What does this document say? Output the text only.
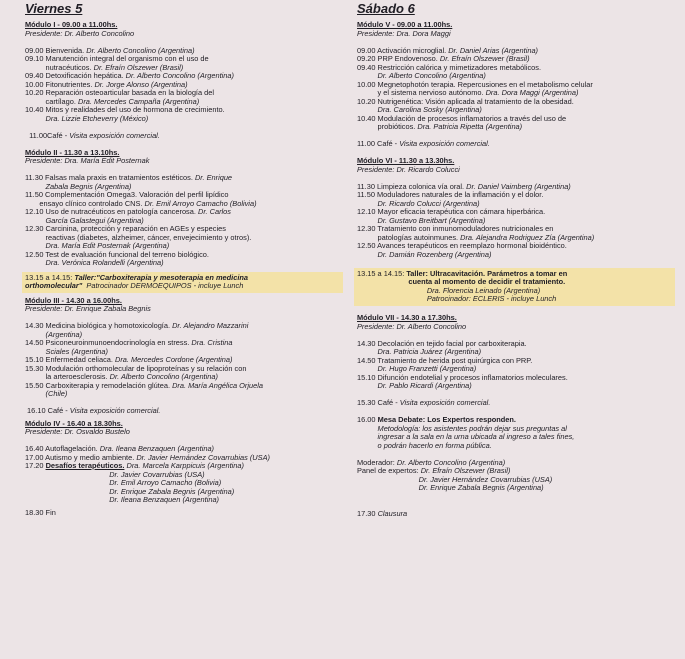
Viernes 5
Módulo I - 09.00 a 11.00hs.
Presidente: Dr. Alberto Concolino
09.00 Bienvenida. Dr. Alberto Concolino (Argentina)
09.10 Manutención integral del organismo con el uso de
nutracéuticos. Dr. Efraín Olszewer (Brasil)
09.40 Detoxificación hepática. Dr. Alberto Concolino (Argentina)
10.00 Fitonutrientes. Dr. Jorge Alonso (Argentina)
10.20 Reparación osteoarticular basada en la biología del
cartílago. Dra. Mercedes Campaña (Argentina)
10.40 Mitos y realidades del uso de hormona de crecimiento.
Dra. Lizzie Etcheverry (México)
11.00Café - Visita exposición comercial.
Módulo II - 11.30 a 13.10hs.
Presidente: Dra. María Edit Posternak
11.30 Falsas mala praxis en tratamientos estéticos. Dr. Enrique
Zabala Begnis (Argentina)
11.50 Complementación Omega3. Valoración del perfil lipídico
ensayo clínico controlado CNS. Dr. Emil Arroyo Camacho (Bolivia)
12.10 Uso de nutracéuticos en patología cancerosa. Dr. Carlos
García Galastegui (Argentina)
12.30 Carcinina, protección y reparación en AGEs y especies
reactivas (diabetes, alzheimer, cáncer, envejecimiento y otros).
Dra. María Edit Posternak (Argentina)
12.50 Test de evaluación funcional del terreno biológico.
Dra. Verónica Rolandelli (Argentina)
13.15 a 14.15: Taller:"Carboxiterapia y mesoterapia en medicina
orthomolecular"  Patrocinador DERMOEQUIPOS - incluye Lunch
Módulo III - 14.30 a 16.00hs.
Presidente: Dr. Enrique Zabala Begnis
14.30 Medicina biológica y homotoxicología. Dr. Alejandro Mazzarini
(Argentina)
14.50 Psiconeuroinmunoendocrinología en stress. Dra. Cristina
Sciales (Argentina)
15.10 Enfermedad celiaca. Dra. Mercedes Cordone (Argentina)
15.30 Modulación orthomolecular de lipoproteínas y su relación con
la arteroesclerosis. Dr. Alberto Concolino (Argentina)
15.50 Carboxiterapia y remodelación glútea. Dra. María Angélica Orjuela
(Chile)
16.10 Café - Visita exposición comercial.
Módulo IV - 16.40 a 18.30hs.
Presidente: Dr. Osvaldo Bustelo
16.40 Autoflagelación. Dra. Ileana Benzaquen (Argentina)
17.00 Autismo y medio ambiente. Dr. Javier Hernández Covarrubias (USA)
17.20 Desafíos terapéuticos. Dra. Marcela Karppicuis (Argentina)
Dr. Javier Covarrubias (USA)
Dr. Emil Arroyo Camacho (Bolivia)
Dr. Enrique Zabala Begnis (Argentina)
Dr. Ileana Benzaquen (Argentina)
18.30 Fin
Sábado 6
Módulo V - 09.00 a 11.00hs.
Presidente: Dra. Dora Maggi
09.00 Activación microglial. Dr. Daniel Arias (Argentina)
09.20 PRP Endovenoso. Dr. Efraín Olszewer (Brasil)
09.40 Restricción calórica y mimetizadores metabólicos.
Dr. Alberto Concolino (Argentina)
10.00 Megnetophotón terapia. Repercusiones en el metabolismo celular
y el sistema nervioso autónomo. Dra. Dora Maggi (Argentina)
10.20 Nutrigenética: Visión aplicada al tratamiento de la obesidad.
Dra. Carolina Sosky (Argentina)
10.40 Modulación de procesos inflamatorios a través del uso de
probióticos. Dra. Patricia Ripetta (Argentina)
11.00 Café - Visita exposición comercial.
Módulo VI - 11.30 a 13.30hs.
Presidente: Dr. Ricardo Colucci
11.30 Limpieza colonica vía oral. Dr. Daniel Vaimberg (Argentina)
11.50 Moduladores naturales de la inflamación y el dolor.
Dr. Ricardo Colucci (Argentina)
12.10 Mayor eficacia terapéutica con cámara hiperbárica.
Dr. Gustavo Breitbart (Argentina)
12.30 Tratamiento con inmunomoduladores nutricionales en
patologías autoinmunes. Dra. Alejandra Rodriguez Zía (Argentina)
12.50 Avances terapéuticos en reemplazo hormonal bioidéntico.
Dr. Damián Rozenberg (Argentina)
13.15 a 14.15: Taller: Ultracavitación. Parámetros a tomar en
cuenta al momento de decidir el tratamiento.
Dra. Florencia Leinado (Argentina)
Patrocinador: ECLERIS - incluye Lunch
Módulo VII - 14.30 a 17.30hs.
Presidente: Dr. Alberto Concolino
14.30 Decolación en tejido facial por carboxiterapia.
Dra. Patricia Juárez (Argentina)
14.50 Tratamiento de herida post quirúrgica con PRP.
Dr. Hugo Franzetti (Argentina)
15.10 Difunción endotelial y procesos inflamatorios moleculares.
Dr. Pablo Ricardi (Argentina)
15.30 Café - Visita exposición comercial.
16.00 Mesa Debate: Los Expertos responden.
Metodología: los asistentes podrán dejar sus preguntas al
ingresar a la sala en la urna ubicada al ingreso a tales fines,
o podrán hacerlo en forma pública.
Moderador: Dr. Alberto Concolino (Argentina)
Panel de expertos: Dr. Efraín Olszewer (Brasil)
Dr. Javier Hernández Covarrubias (USA)
Dr. Enrique Zabala Begnis (Argentina)
17.30 Clausura
